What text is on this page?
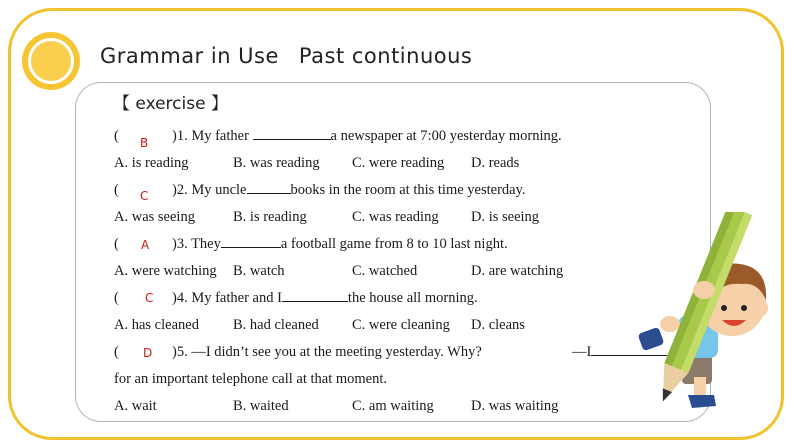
Grammar in Use Past continuous
【 exercise 】
(	)1. My father	a newspaper at 7:00 yesterday morning.
B
A. is reading	B. was reading C. were reading D. reads
(	)2. My uncle	books in the room at this time yesterday.
C
A. was seeing	B. is reading	C. was reading D. is seeing
(	)3. They	a football game from 8 to 10 last night.
A
A. were watching B. watch	C. watched	D. are watching
(	)4. My father and I	the house all morning.
C
A. has cleaned B. had cleaned C. were cleaning D. cleans
(	)5. —I didn’t see you at the meeting yesterday. Why?
D	—I
for an important telephone call at that moment.
A. wait	B. waited	C. am waiting	D. was waiting
